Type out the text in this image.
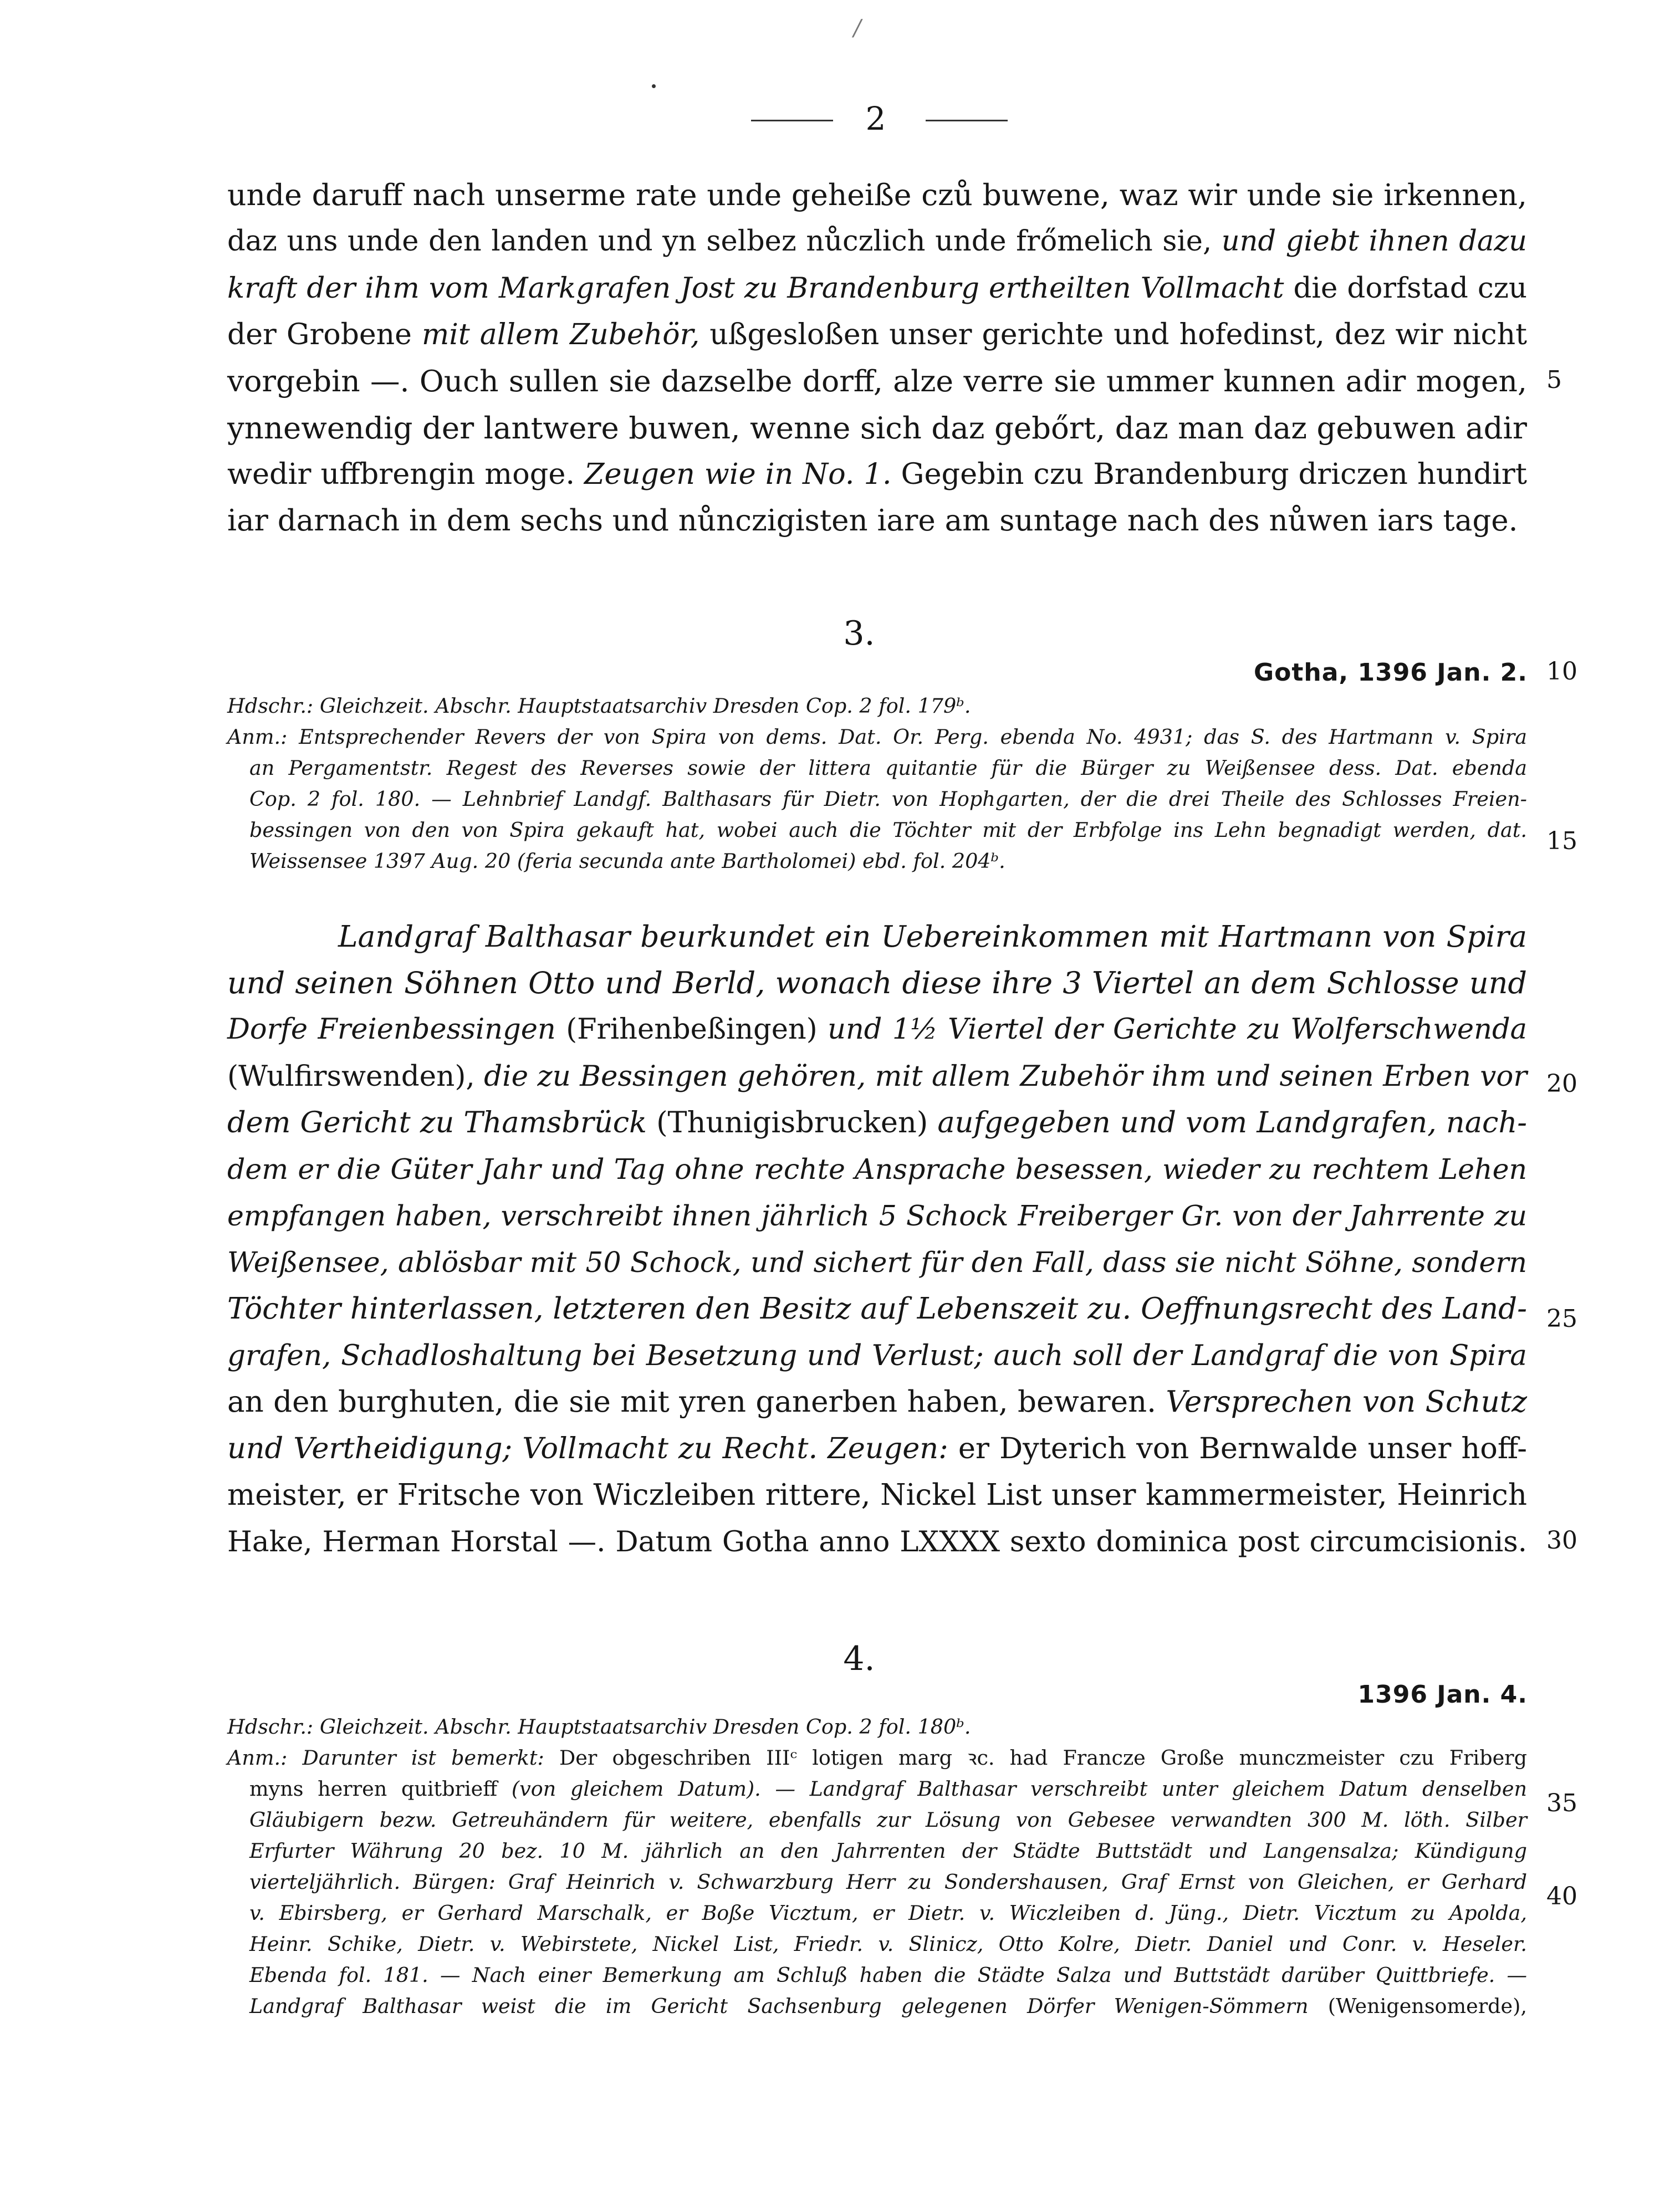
/
2
unde daruff nach unserme rate unde geheiße czů buwene, waz wir unde sie irkennen,
daz uns unde den landen und yn selbez nůczlich unde frőmelich sie, und giebt ihnen dazu
kraft der ihm vom Markgrafen Jost zu Brandenburg ertheilten Vollmacht die dorfstad czu
der Grobene mit allem Zubehör, ußgesloßen unser gerichte und hofedinst, dez wir nicht
vorgebin —. Ouch sullen sie dazselbe dorff, alze verre sie ummer kunnen adir mogen,
ynnewendig der lantwere buwen, wenne sich daz gebőrt, daz man daz gebuwen adir
wedir uffbrengin moge. Zeugen wie in No. 1. Gegebin czu Brandenburg driczen hundirt
iar darnach in dem sechs und nůnczigisten iare am suntage nach des nůwen iars tage.
3.
Gotha, 1396 Jan. 2.
Hdschr.: Gleichzeit. Abschr. Hauptstaatsarchiv Dresden Cop. 2 fol. 179ᵇ.
Anm.: Entsprechender Revers der von Spira von dems. Dat. Or. Perg. ebenda No. 4931; das S. des Hartmann v. Spira
an Pergamentstr. Regest des Reverses sowie der littera quitantie für die Bürger zu Weißensee dess. Dat. ebenda
Cop. 2 fol. 180. — Lehnbrief Landgf. Balthasars für Dietr. von Hophgarten, der die drei Theile des Schlosses Freien-
bessingen von den von Spira gekauft hat, wobei auch die Töchter mit der Erbfolge ins Lehn begnadigt werden, dat.
Weissensee 1397 Aug. 20 (feria secunda ante Bartholomei) ebd. fol. 204ᵇ.
Landgraf Balthasar beurkundet ein Uebereinkommen mit Hartmann von Spira
und seinen Söhnen Otto und Berld, wonach diese ihre 3 Viertel an dem Schlosse und
Dorfe Freienbessingen (Frihenbeßingen) und 1½ Viertel der Gerichte zu Wolferschwenda
(Wulfirswenden), die zu Bessingen gehören, mit allem Zubehör ihm und seinen Erben vor
dem Gericht zu Thamsbrück (Thunigisbrucken) aufgegeben und vom Landgrafen, nach-
dem er die Güter Jahr und Tag ohne rechte Ansprache besessen, wieder zu rechtem Lehen
empfangen haben, verschreibt ihnen jährlich 5 Schock Freiberger Gr. von der Jahrrente zu
Weißensee, ablösbar mit 50 Schock, und sichert für den Fall, dass sie nicht Söhne, sondern
Töchter hinterlassen, letzteren den Besitz auf Lebenszeit zu. Oeffnungsrecht des Land-
grafen, Schadloshaltung bei Besetzung und Verlust; auch soll der Landgraf die von Spira
an den burghuten, die sie mit yren ganerben haben, bewaren. Versprechen von Schutz
und Vertheidigung; Vollmacht zu Recht. Zeugen: er Dyterich von Bernwalde unser hoff-
meister, er Fritsche von Wiczleiben rittere, Nickel List unser kammermeister, Heinrich
Hake, Herman Horstal —. Datum Gotha anno LXXXX sexto dominica post circumcisionis.
4.
1396 Jan. 4.
Hdschr.: Gleichzeit. Abschr. Hauptstaatsarchiv Dresden Cop. 2 fol. 180ᵇ.
Anm.: Darunter ist bemerkt: Der obgeschriben IIIᶜ lotigen marg ꝛc. had Francze Große munczmeister czu Friberg
myns herren quitbrieff (von gleichem Datum). — Landgraf Balthasar verschreibt unter gleichem Datum denselben
Gläubigern bezw. Getreuhändern für weitere, ebenfalls zur Lösung von Gebesee verwandten 300 M. löth. Silber
Erfurter Währung 20 bez. 10 M. jährlich an den Jahrrenten der Städte Buttstädt und Langensalza; Kündigung
vierteljährlich. Bürgen: Graf Heinrich v. Schwarzburg Herr zu Sondershausen, Graf Ernst von Gleichen, er Gerhard
v. Ebirsberg, er Gerhard Marschalk, er Boße Vicztum, er Dietr. v. Wiczleiben d. Jüng., Dietr. Vicztum zu Apolda,
Heinr. Schike, Dietr. v. Webirstete, Nickel List, Friedr. v. Slinicz, Otto Kolre, Dietr. Daniel und Conr. v. Heseler.
Ebenda fol. 181. — Nach einer Bemerkung am Schluß haben die Städte Salza und Buttstädt darüber Quittbriefe. —
Landgraf Balthasar weist die im Gericht Sachsenburg gelegenen Dörfer Wenigen-Sömmern (Wenigensomerde),
5
10
15
20
25
30
35
40
